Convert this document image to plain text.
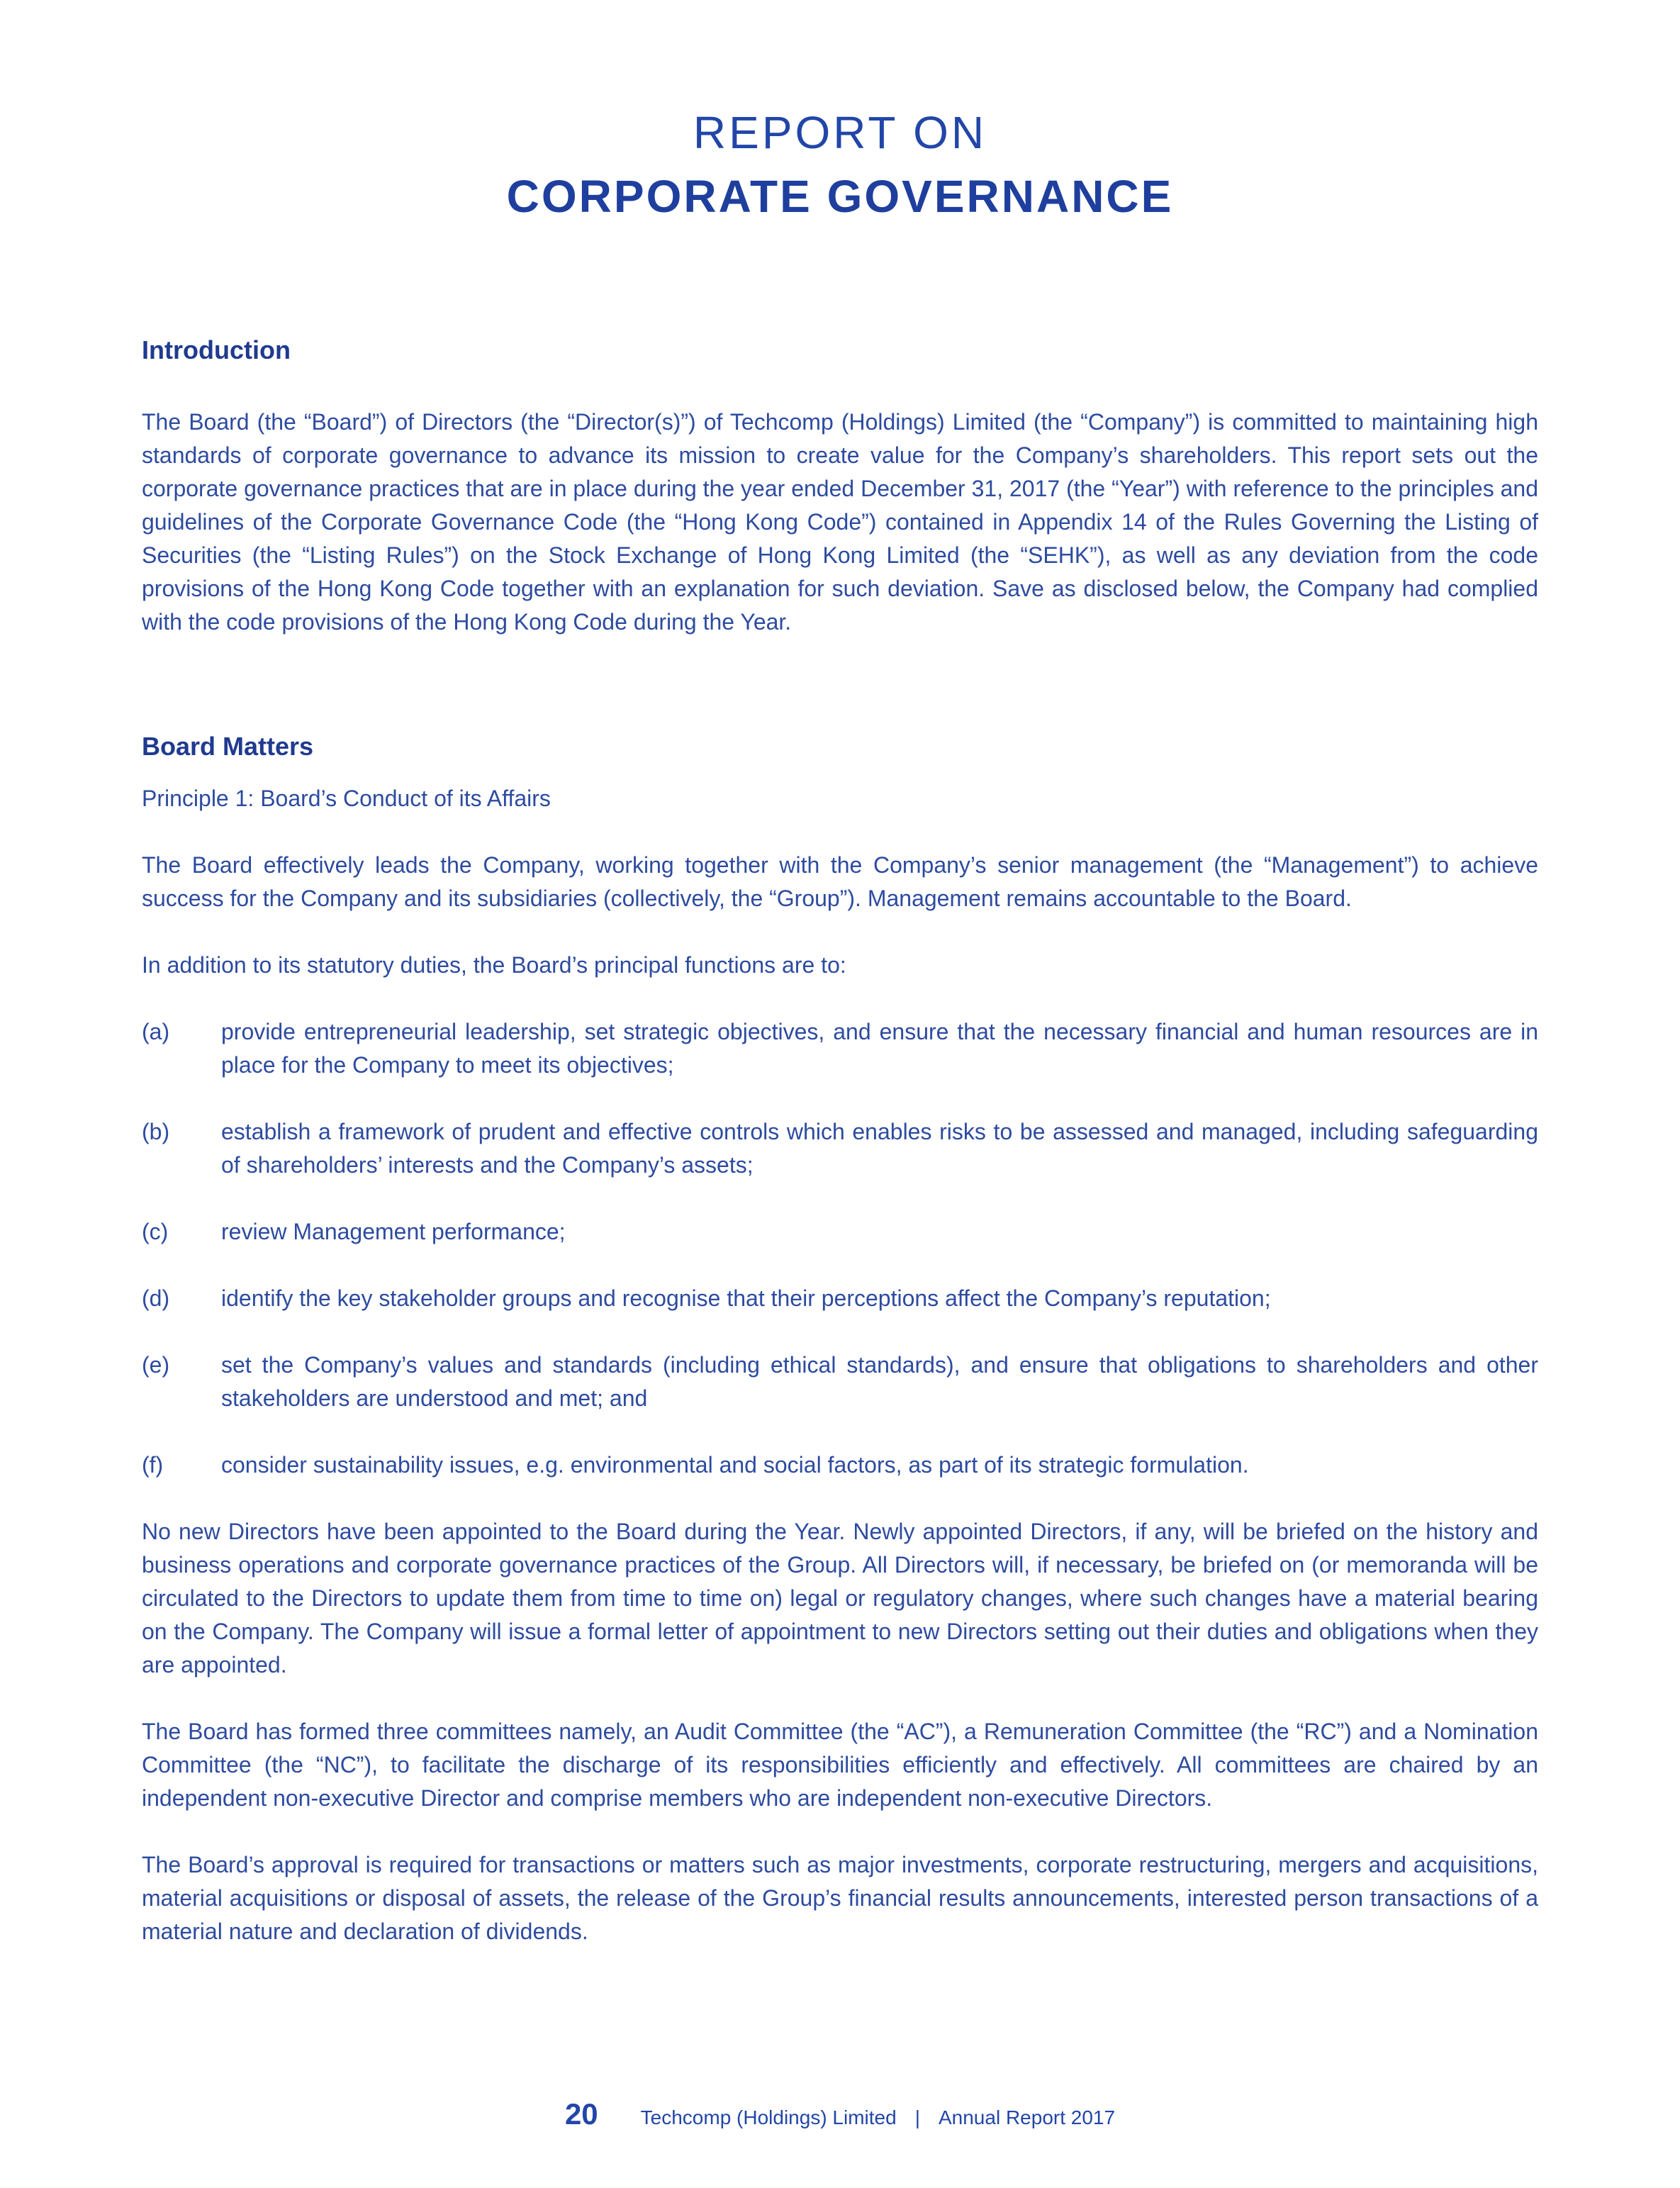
REPORT ON
CORPORATE GOVERNANCE
Introduction

The Board (the “Board”) of Directors (the “Director(s)”) of Techcomp (Holdings) Limited (the “Company”) is committed to maintaining high standards of corporate governance to advance its mission to create value for the Company’s shareholders. This report sets out the corporate governance practices that are in place during the year ended December 31, 2017 (the “Year”) with reference to the principles and guidelines of the Corporate Governance Code (the “Hong Kong Code”) contained in Appendix 14 of the Rules Governing the Listing of Securities (the “Listing Rules”) on the Stock Exchange of Hong Kong Limited (the “SEHK”), as well as any deviation from the code provisions of the Hong Kong Code together with an explanation for such deviation. Save as disclosed below, the Company had complied with the code provisions of the Hong Kong Code during the Year.

Board Matters

Principle 1: Board’s Conduct of its Affairs

The Board effectively leads the Company, working together with the Company’s senior management (the “Management”) to achieve success for the Company and its subsidiaries (collectively, the “Group”). Management remains accountable to the Board.

In addition to its statutory duties, the Board’s principal functions are to:

(a)	provide entrepreneurial leadership, set strategic objectives, and ensure that the necessary financial and human resources are in place for the Company to meet its objectives;
(b)	establish a framework of prudent and effective controls which enables risks to be assessed and managed, including safeguarding of shareholders’ interests and the Company’s assets;
(c)	review Management performance;
(d)	identify the key stakeholder groups and recognise that their perceptions affect the Company’s reputation;
(e)	set the Company’s values and standards (including ethical standards), and ensure that obligations to shareholders and other stakeholders are understood and met; and
(f)	consider sustainability issues, e.g. environmental and social factors, as part of its strategic formulation.

No new Directors have been appointed to the Board during the Year. Newly appointed Directors, if any, will be briefed on the history and business operations and corporate governance practices of the Group. All Directors will, if necessary, be briefed on (or memoranda will be circulated to the Directors to update them from time to time on) legal or regulatory changes, where such changes have a material bearing on the Company. The Company will issue a formal letter of appointment to new Directors setting out their duties and obligations when they are appointed.

The Board has formed three committees namely, an Audit Committee (the “AC”), a Remuneration Committee (the “RC”) and a Nomination Committee (the “NC”), to facilitate the discharge of its responsibilities efficiently and effectively. All committees are chaired by an independent non-executive Director and comprise members who are independent non-executive Directors.

The Board’s approval is required for transactions or matters such as major investments, corporate restructuring, mergers and acquisitions, material acquisitions or disposal of assets, the release of the Group’s financial results announcements, interested person transactions of a material nature and declaration of dividends.

20 Techcomp (Holdings) Limited | Annual Report 2017
